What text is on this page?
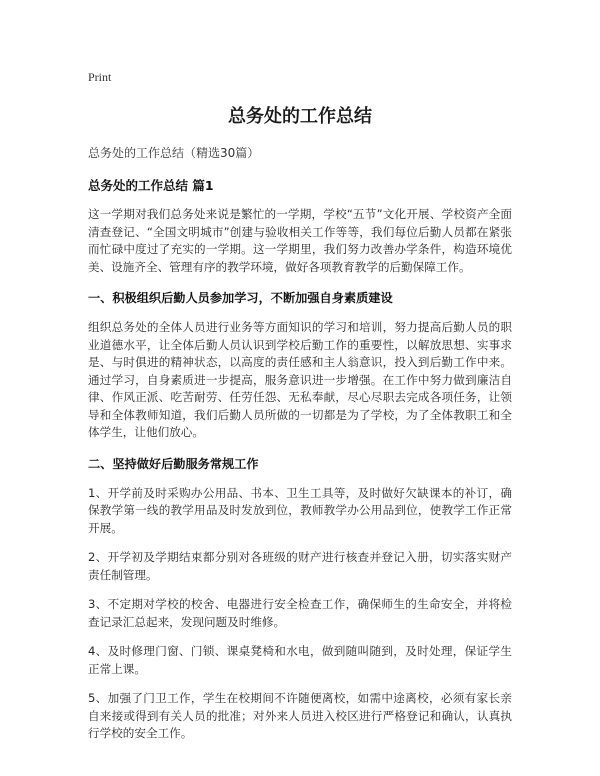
Print
总务处的工作总结
总务处的工作总结（精选30篇）
总务处的工作总结 篇1
这一学期对我们总务处来说是繁忙的一学期，学校“五节”文化开展、学校资产全面清查登记、“全国文明城市”创建与验收相关工作等等，我们每位后勤人员都在紧张而忙碌中度过了充实的一学期。这一学期里，我们努力改善办学条件，构造环境优美、设施齐全、管理有序的教学环境，做好各项教育教学的后勤保障工作。
一、积极组织后勤人员参加学习，不断加强自身素质建设
组织总务处的全体人员进行业务等方面知识的学习和培训，努力提高后勤人员的职业道德水平，让全体后勤人员认识到学校后勤工作的重要性，以解放思想、实事求是、与时俱进的精神状态，以高度的责任感和主人翁意识，投入到后勤工作中来。通过学习，自身素质进一步提高，服务意识进一步增强。在工作中努力做到廉洁自律、作风正派、吃苦耐劳、任劳任怨、无私奉献，尽心尽职去完成各项任务，让领导和全体教师知道，我们后勤人员所做的一切都是为了学校，为了全体教职工和全体学生，让他们放心。
二、坚持做好后勤服务常规工作
1、开学前及时采购办公用品、书本、卫生工具等，及时做好欠缺课本的补订，确保教学第一线的教学用品及时发放到位，教师教学办公用品到位，使教学工作正常开展。
2、开学初及学期结束都分别对各班级的财产进行核查并登记入册，切实落实财产责任制管理。
3、不定期对学校的校舍、电器进行安全检查工作，确保师生的生命安全，并将检查记录汇总起来，发现问题及时维修。
4、及时修理门窗、门锁、课桌凳椅和水电，做到随叫随到，及时处理，保证学生正常上课。
5、加强了门卫工作，学生在校期间不许随便离校，如需中途离校，必须有家长亲自来接或得到有关人员的批准；对外来人员进入校区进行严格登记和确认，认真执行学校的安全工作。
